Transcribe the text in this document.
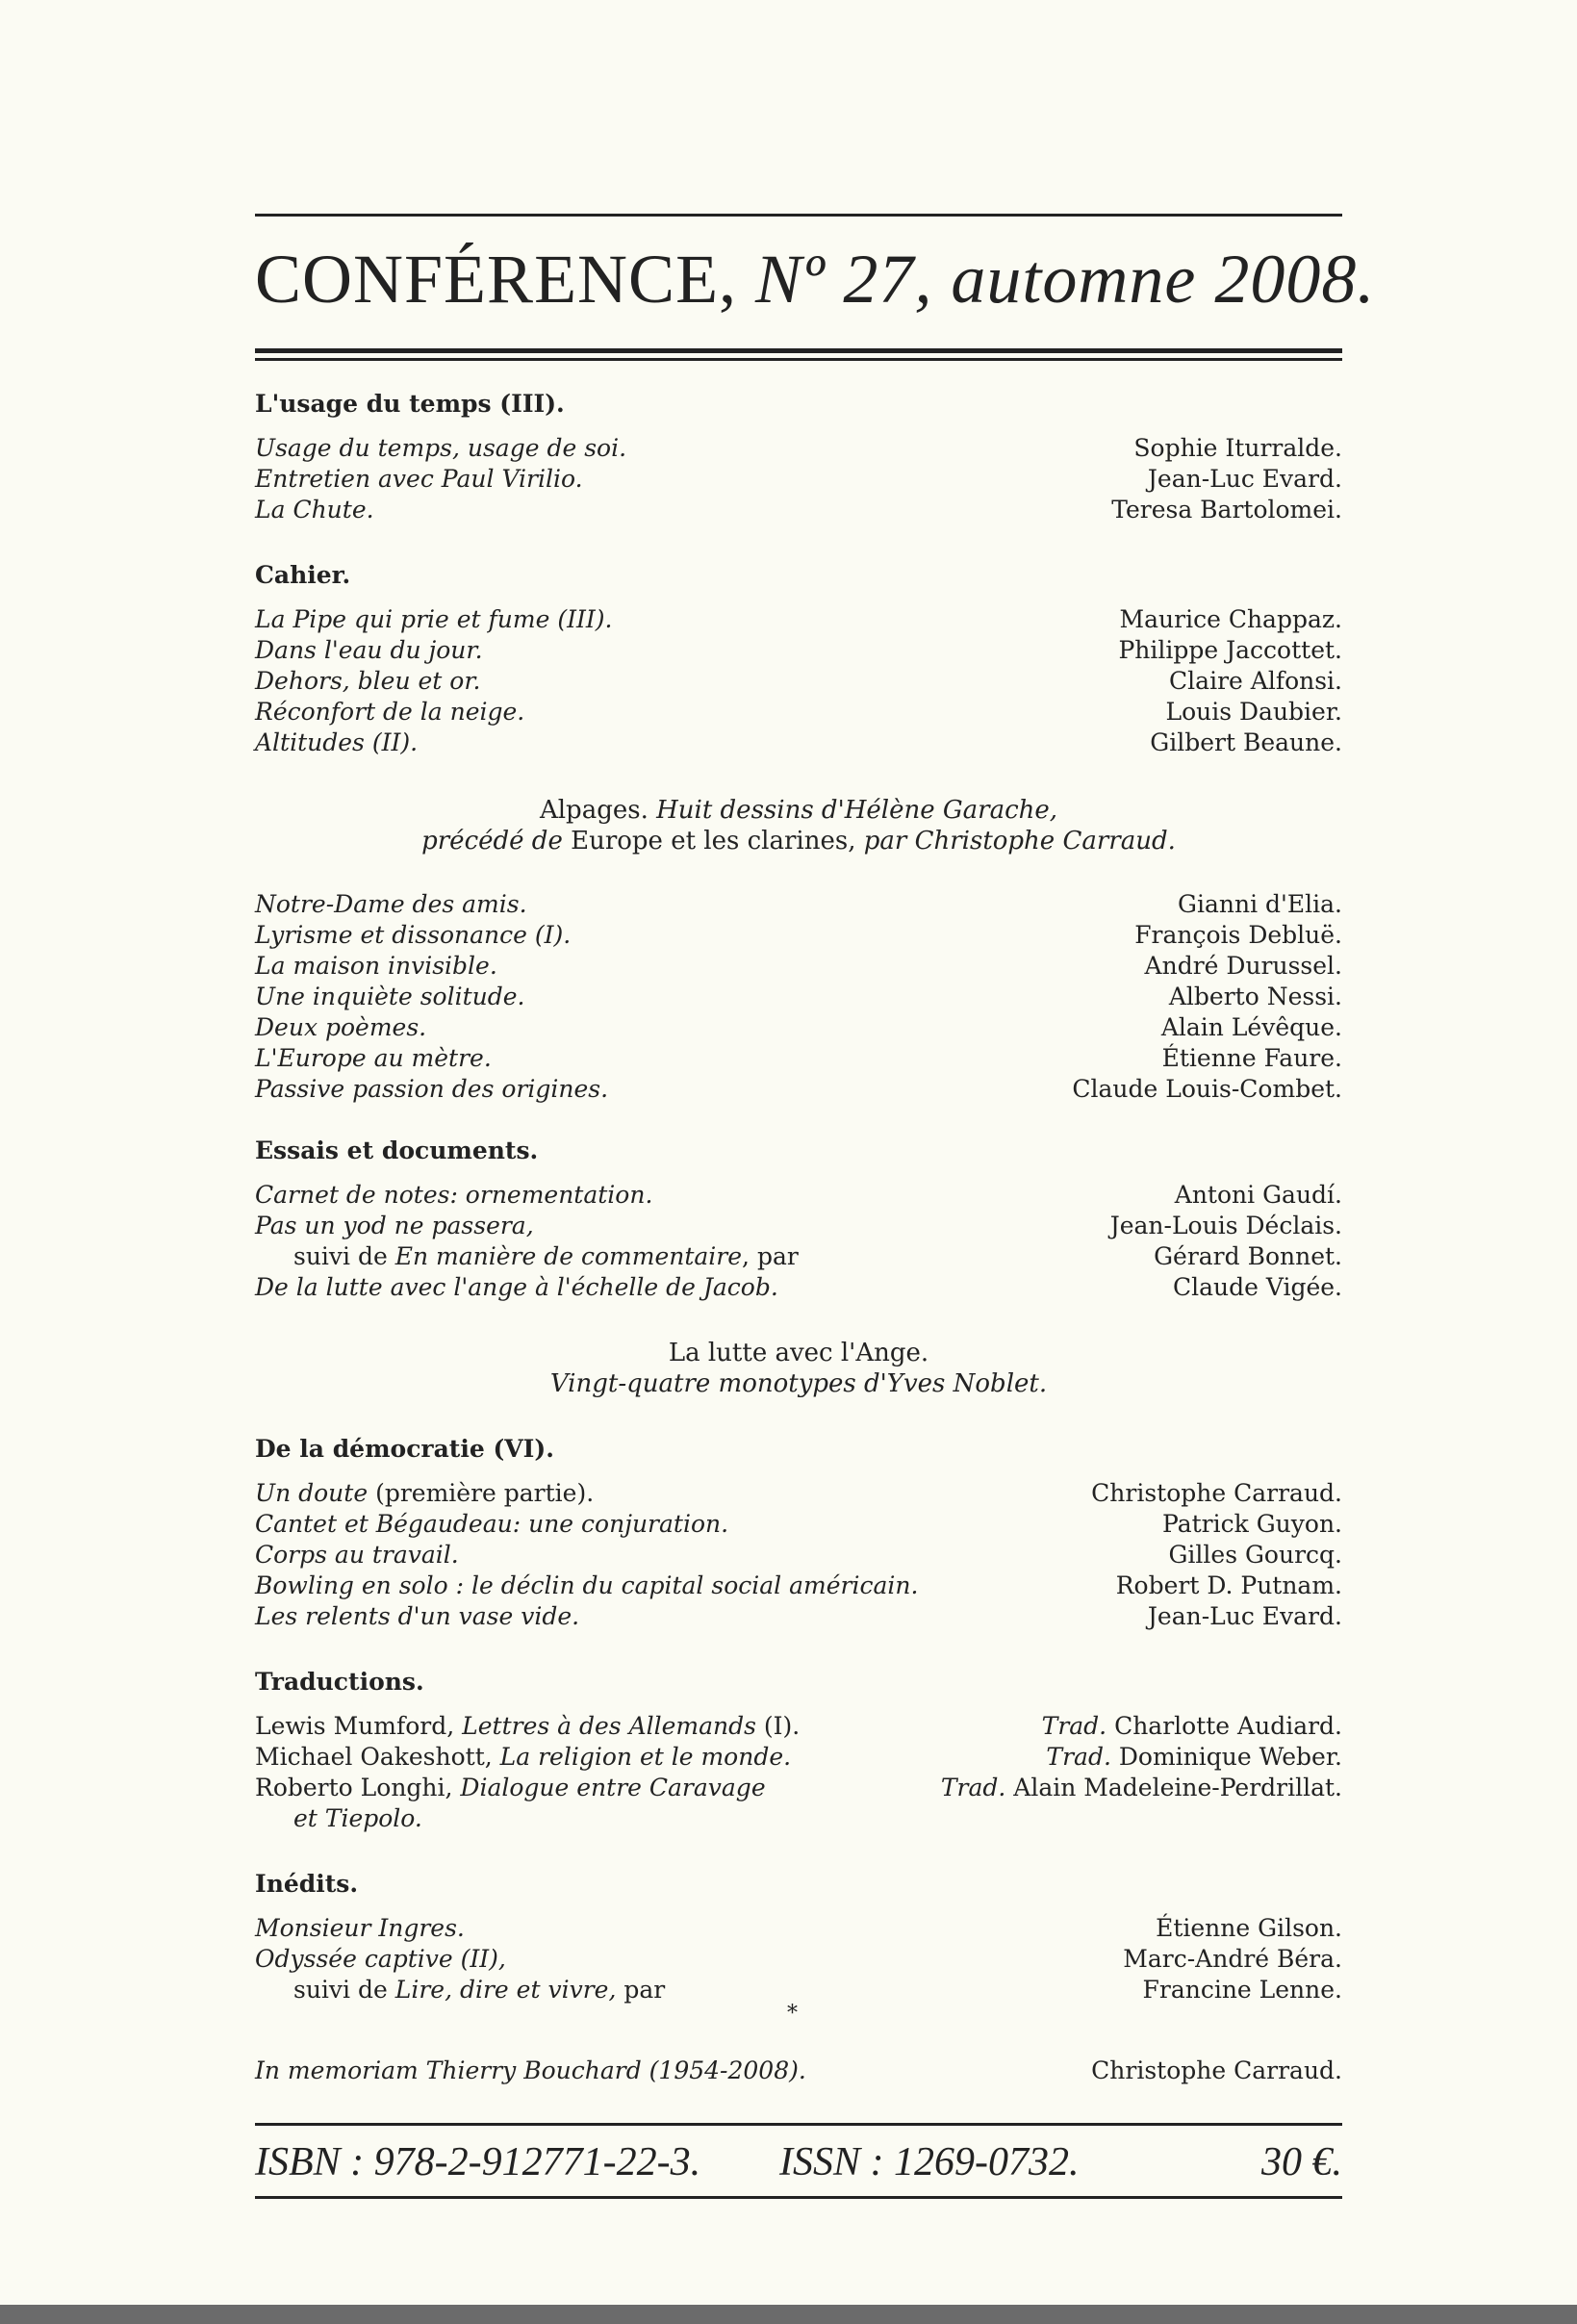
CONFÉRENCE, Nº 27, automne 2008.
L'usage du temps (III).
Usage du temps, usage de soi.	Sophie Iturralde.
Entretien avec Paul Virilio.	Jean-Luc Evard.
La Chute.	Teresa Bartolomei.
Cahier.
La Pipe qui prie et fume (III).	Maurice Chappaz.
Dans l'eau du jour.	Philippe Jaccottet.
Dehors, bleu et or.	Claire Alfonsi.
Réconfort de la neige.	Louis Daubier.
Altitudes (II).	Gilbert Beaune.
Alpages. Huit dessins d'Hélène Garache,
précédé de Europe et les clarines, par Christophe Carraud.
Notre-Dame des amis.	Gianni d'Elia.
Lyrisme et dissonance (I).	François Debluë.
La maison invisible.	André Durussel.
Une inquiète solitude.	Alberto Nessi.
Deux poèmes.	Alain Lévêque.
L'Europe au mètre.	Étienne Faure.
Passive passion des origines.	Claude Louis-Combet.
Essais et documents.
Carnet de notes: ornementation.	Antoni Gaudí.
Pas un yod ne passera,	Jean-Louis Déclais.
suivi de En manière de commentaire, par	Gérard Bonnet.
De la lutte avec l'ange à l'échelle de Jacob.	Claude Vigée.
La lutte avec l'Ange.
Vingt-quatre monotypes d'Yves Noblet.
De la démocratie (VI).
Un doute (première partie).	Christophe Carraud.
Cantet et Bégaudeau: une conjuration.	Patrick Guyon.
Corps au travail.	Gilles Gourcq.
Bowling en solo : le déclin du capital social américain.	Robert D. Putnam.
Les relents d'un vase vide.	Jean-Luc Evard.
Traductions.
Lewis Mumford, Lettres à des Allemands (I).	Trad. Charlotte Audiard.
Michael Oakeshott, La religion et le monde.	Trad. Dominique Weber.
Roberto Longhi, Dialogue entre Caravage	Trad. Alain Madeleine-Perdrillat.
et Tiepolo.
Inédits.
Monsieur Ingres.	Étienne Gilson.
Odyssée captive (II),	Marc-André Béra.
suivi de Lire, dire et vivre, par	Francine Lenne.
*
In memoriam Thierry Bouchard (1954-2008).	Christophe Carraud.
ISBN : 978-2-912771-22-3. ISSN : 1269-0732.	30 €.
